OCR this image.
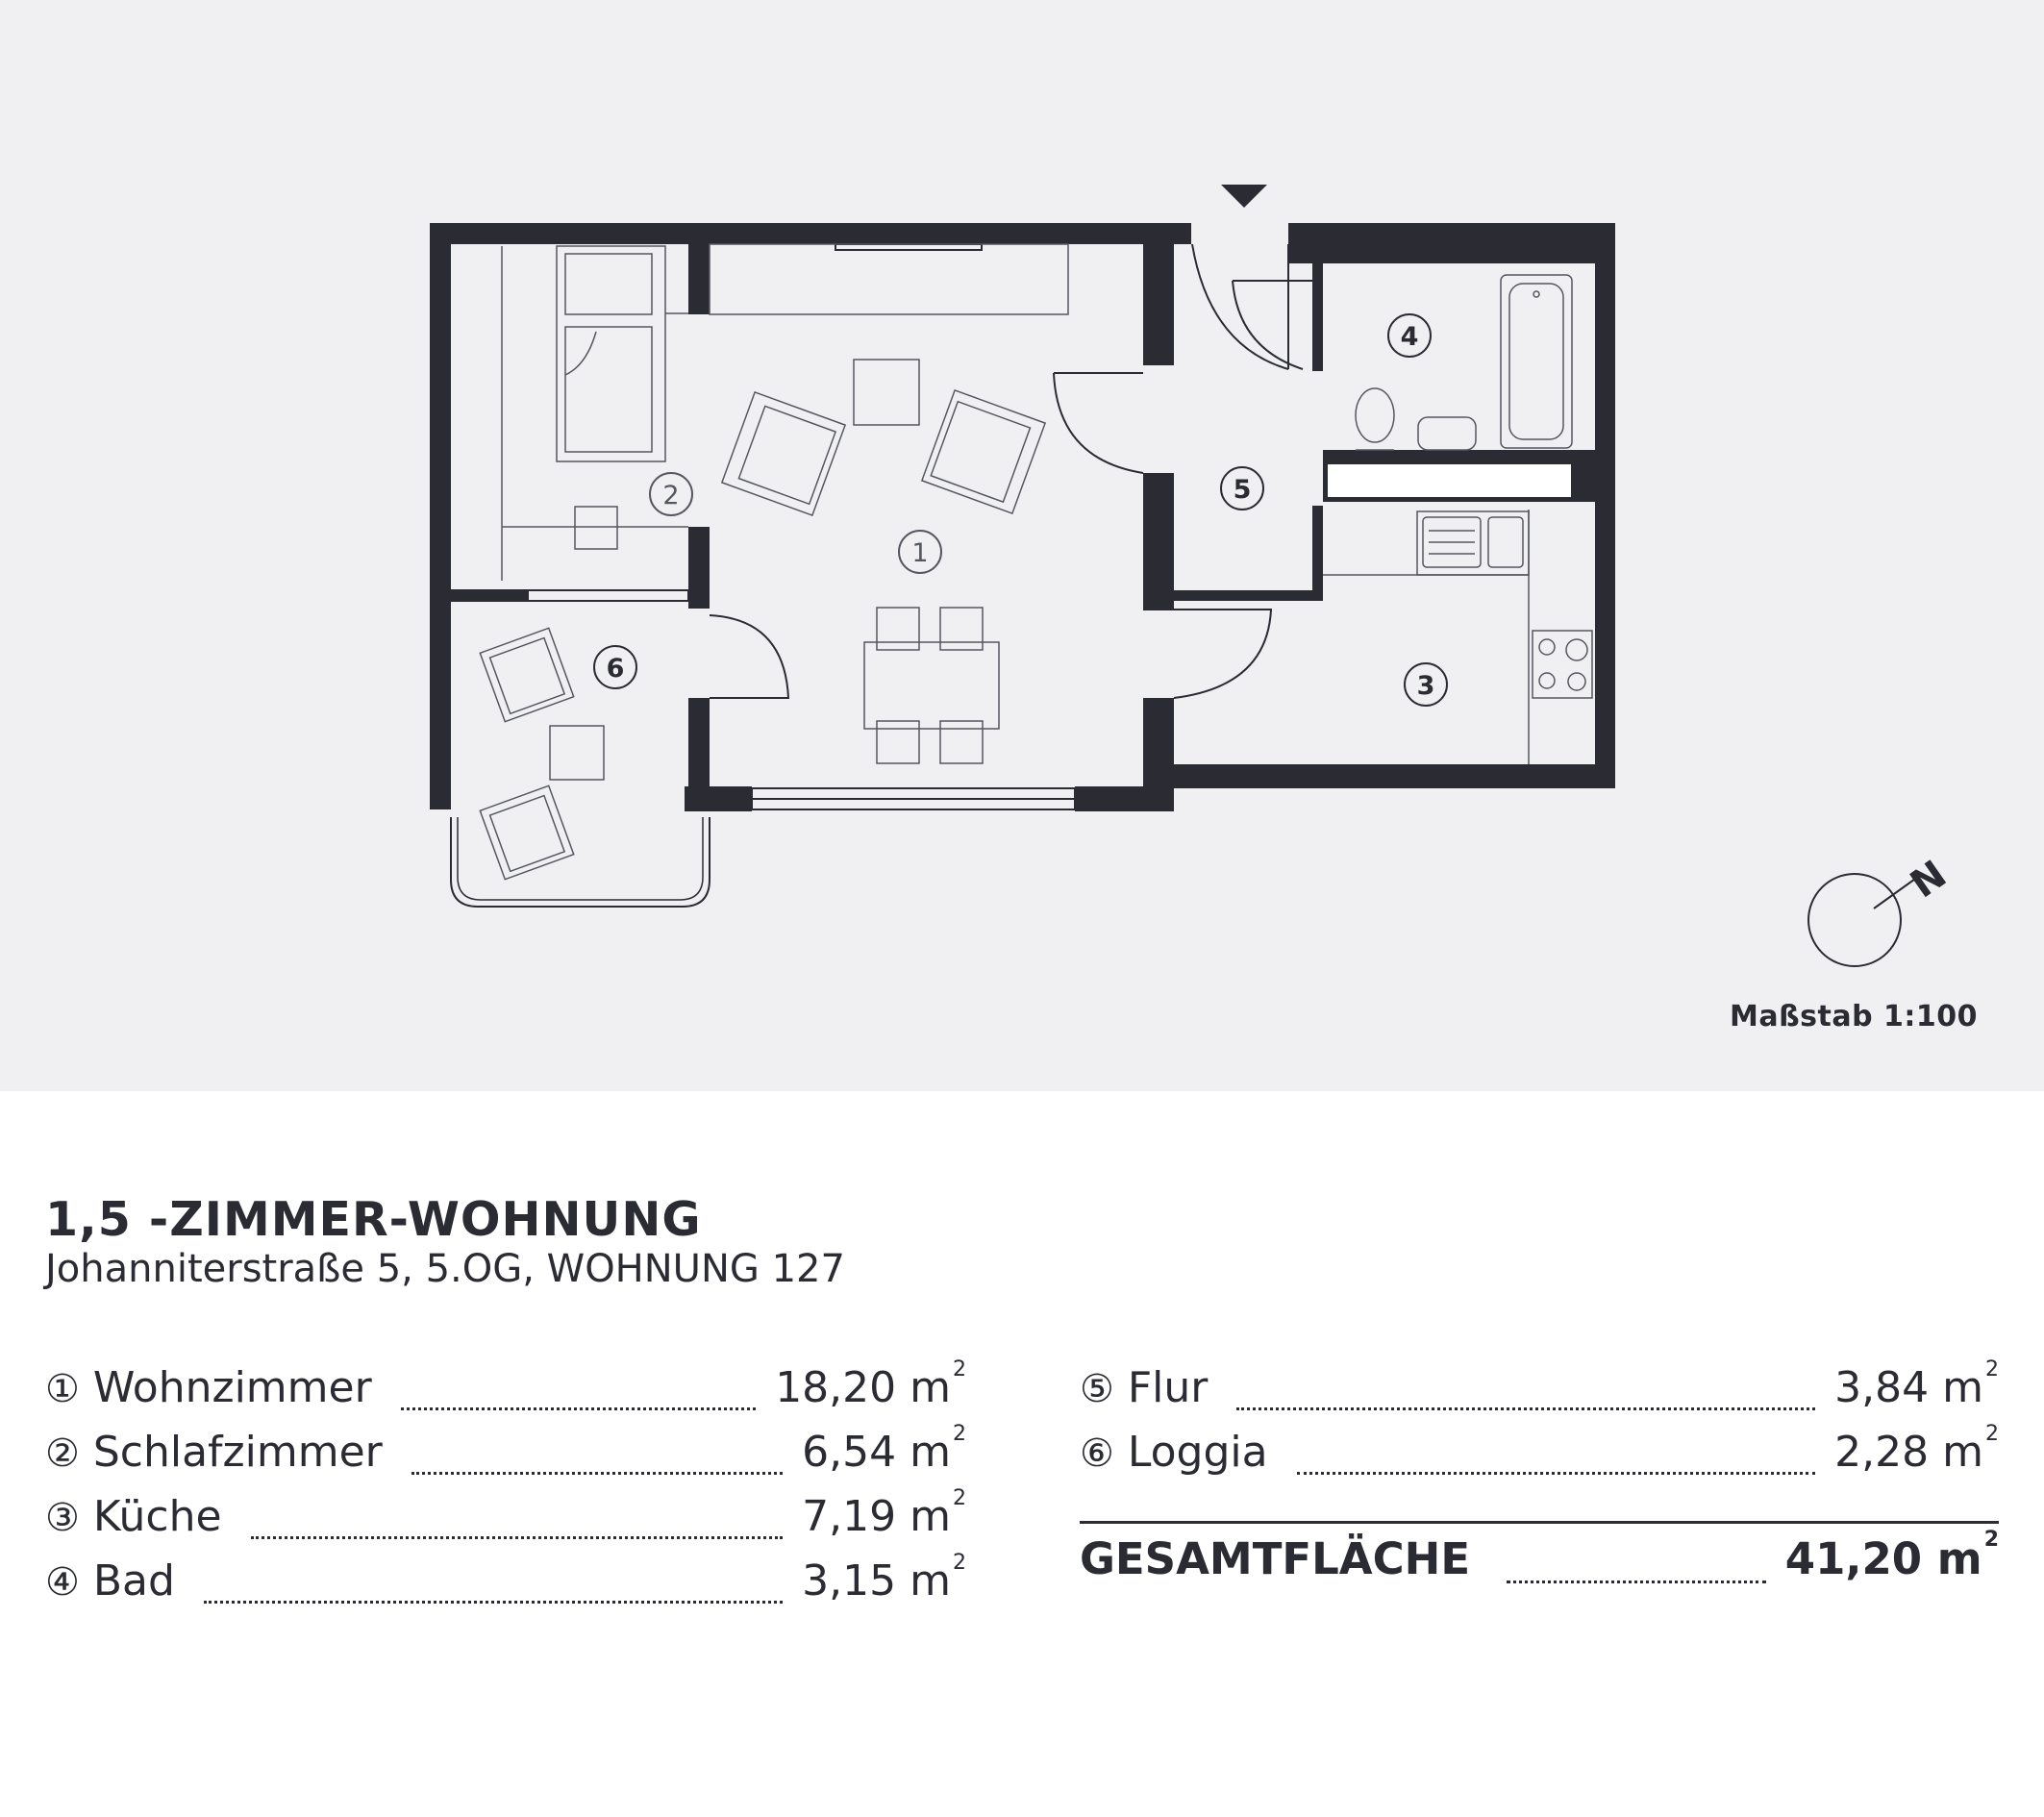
1
2
3
4
5
6
N
Maßstab 1:100
1,5 -ZIMMER-WOHNUNG
Johanniterstraße 5, 5.OG, WOHNUNG 127
① Wohnzimmer	18,20 $m^2$
② Schlafzimmer	6,54 $m^2$
③ Küche	7,19 $m^2$
④ Bad	3,15 $m^2$
⑤ Flur	3,84 $m^2$
⑥ Loggia	2,28 $m^2$
GESAMTFLÄCHE	41,20 $m^2$
